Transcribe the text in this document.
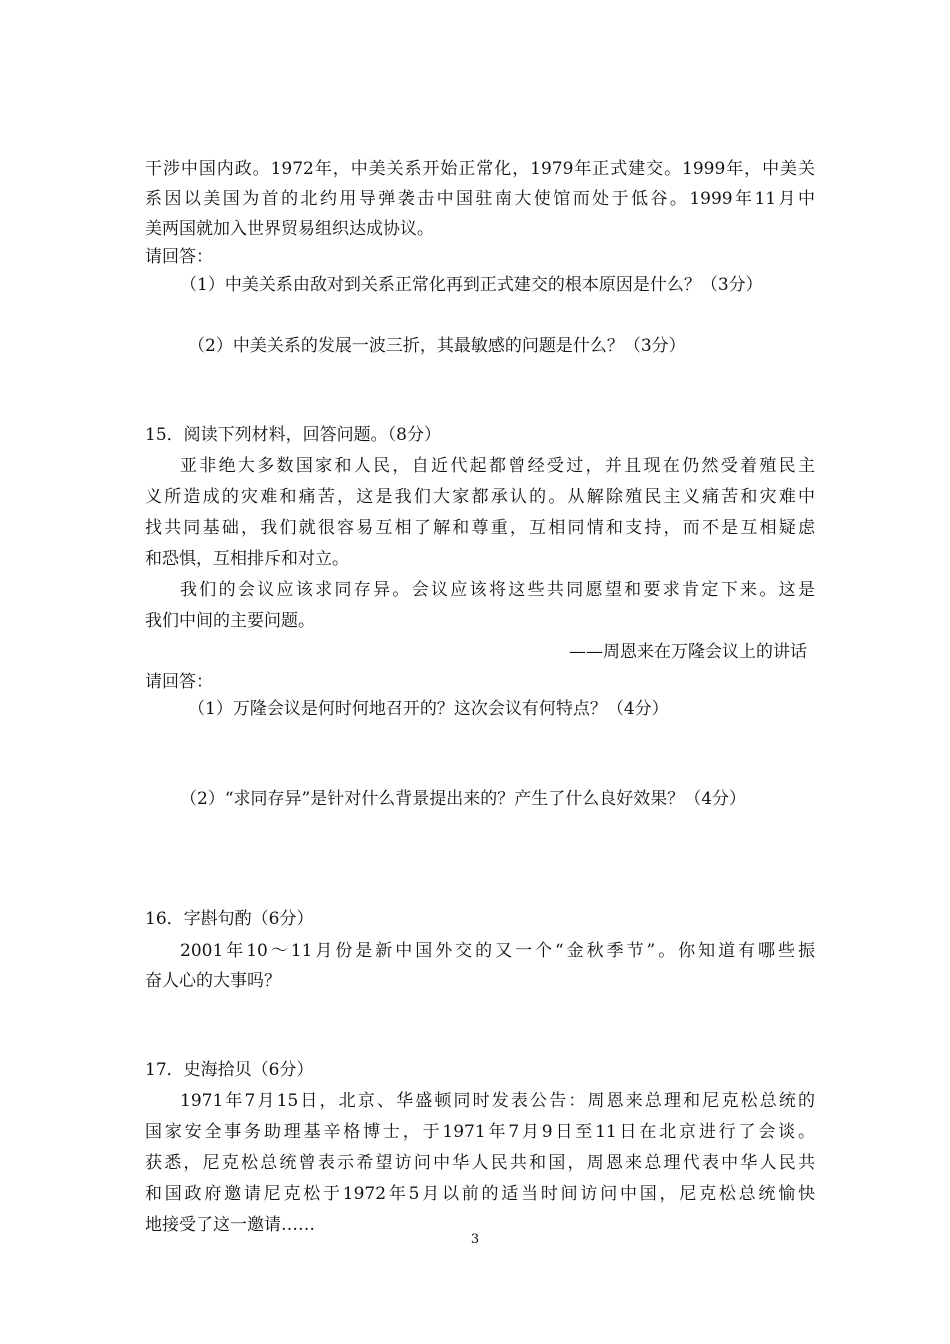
干涉中国内政。1972年，中美关系开始正常化，1979年正式建交。1999年，中美关
系因以美国为首的北约用导弹袭击中国驻南大使馆而处于低谷。1999年11月中
美两国就加入世界贸易组织达成协议。
请回答：
（1）中美关系由敌对到关系正常化再到正式建交的根本原因是什么？（3分）
（2）中美关系的发展一波三折，其最敏感的问题是什么？（3分）
15．阅读下列材料，回答问题。（8分）
亚非绝大多数国家和人民，自近代起都曾经受过，并且现在仍然受着殖民主
义所造成的灾难和痛苦，这是我们大家都承认的。从解除殖民主义痛苦和灾难中
找共同基础，我们就很容易互相了解和尊重，互相同情和支持，而不是互相疑虑
和恐惧，互相排斥和对立。
我们的会议应该求同存异。会议应该将这些共同愿望和要求肯定下来。这是
我们中间的主要问题。
——周恩来在万隆会议上的讲话
请回答：
（1）万隆会议是何时何地召开的？这次会议有何特点？（4分）
（2）“求同存异”是针对什么背景提出来的？产生了什么良好效果？（4分）
16．字斟句酌（6分）
2001年10～11月份是新中国外交的又一个“金秋季节”。你知道有哪些振
奋人心的大事吗？
17．史海拾贝（6分）
1971年7月15日，北京、华盛顿同时发表公告：周恩来总理和尼克松总统的
国家安全事务助理基辛格博士，于1971年7月9日至11日在北京进行了会谈。
获悉，尼克松总统曾表示希望访问中华人民共和国，周恩来总理代表中华人民共
和国政府邀请尼克松于1972年5月以前的适当时间访问中国，尼克松总统愉快
地接受了这一邀请……
3
